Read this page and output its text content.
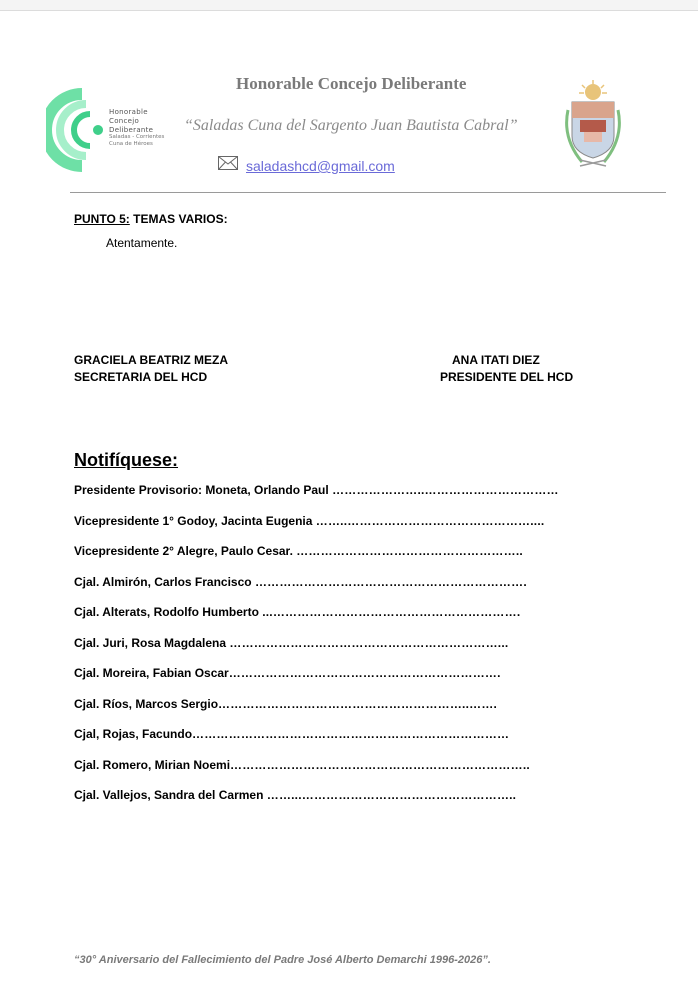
Honorable
Concejo
Deliberante
Saladas - Corrientes
Cuna de Héroes
Honorable Concejo Deliberante
“Saladas Cuna del Sargento Juan Bautista Cabral”
saladashcd@gmail.com
PUNTO 5: TEMAS VARIOS:
Atentamente.
GRACIELA BEATRIZ MEZA
SECRETARIA DEL HCD
ANA ITATI DIEZ
PRESIDENTE DEL HCD
Notifíquese:
Presidente Provisorio: Moneta, Orlando Paul …………………..……………………………
Vicepresidente 1° Godoy, Jacinta Eugenia ……..………………………………………....
Vicepresidente 2° Alegre, Paulo Cesar. ………………………………………………..
Cjal. Almirón, Carlos Francisco ………………………………………………………….
Cjal. Alterats, Rodolfo Humberto ...…………………………………………………….
Cjal. Juri, Rosa Magdalena …………………………………………………………...
Cjal. Moreira, Fabian Oscar………………………………………………………….
Cjal. Ríos, Marcos Sergio……………………………………………………..…….
Cjal, Rojas, Facundo……………………………………………………………………
Cjal. Romero, Mirian Noemi………………………………………………………………..
Cjal. Vallejos, Sandra del Carmen ……...……………………………………………..
“30° Aniversario del Fallecimiento del Padre José Alberto Demarchi 1996-2026”.
